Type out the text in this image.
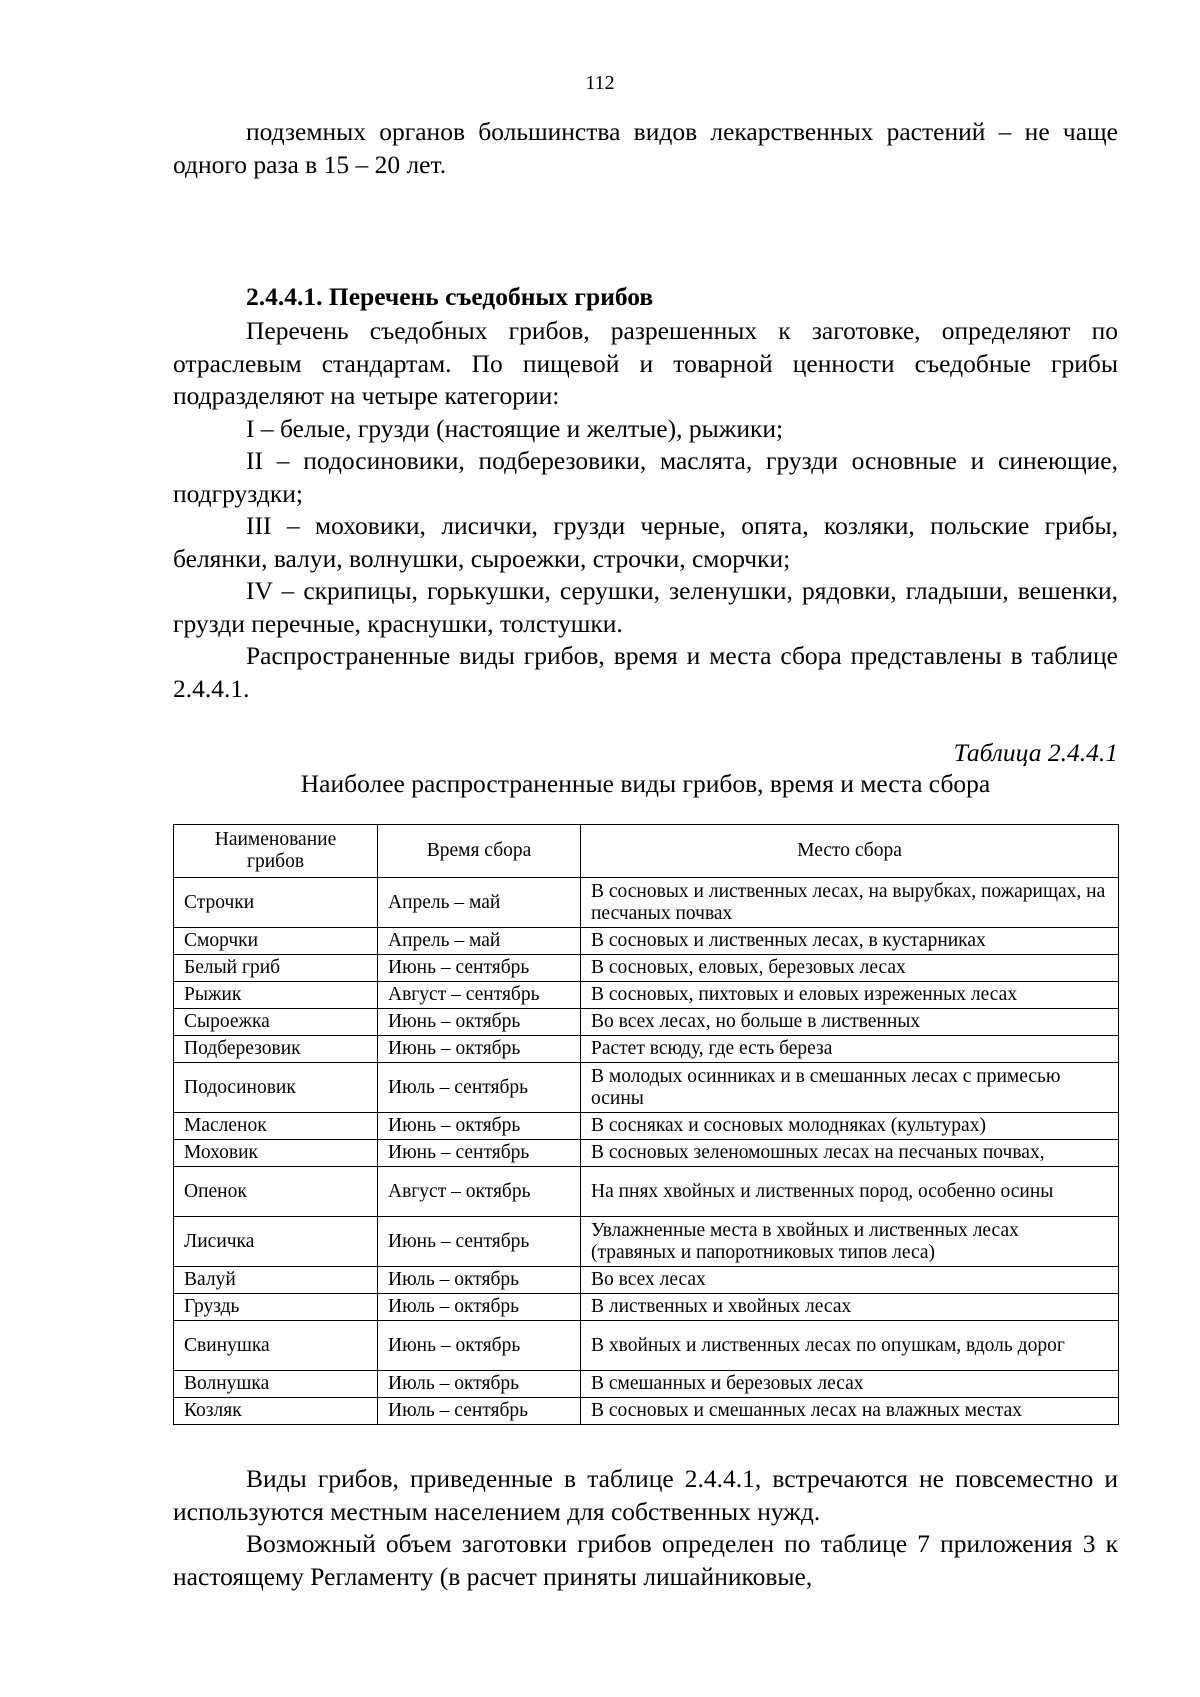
112

подземных органов большинства видов лекарственных растений – не чаще одного раза в 15 – 20 лет.

2.4.4.1. Перечень съедобных грибов

Перечень съедобных грибов, разрешенных к заготовке, определяют по отраслевым стандартам. По пищевой и товарной ценности съедобные грибы подразделяют на четыре категории:

I – белые, грузди (настоящие и желтые), рыжики;

II – подосиновики, подберезовики, маслята, грузди основные и синеющие, подгруздки;

III – моховики, лисички, грузди черные, опята, козляки, польские грибы, белянки, валуи, волнушки, сыроежки, строчки, сморчки;

IV – скрипицы, горькушки, серушки, зеленушки, рядовки, гладыши, вешенки, грузди перечные, краснушки, толстушки.

Распространенные виды грибов, время и места сбора представлены в таблице 2.4.4.1.

Таблица 2.4.4.1
Наиболее распространенные виды грибов, время и места сбора
Наименование грибов	Время сбора	Место сбора
Строчки	Апрель – май	В сосновых и лиственных лесах, на вырубках, пожарищах, на песчаных почвах
Сморчки	Апрель – май	В сосновых и лиственных лесах, в кустарниках
Белый гриб	Июнь – сентябрь	В сосновых, еловых, березовых лесах
Рыжик	Август – сентябрь	В сосновых, пихтовых и еловых изреженных лесах
Сыроежка	Июнь – октябрь	Во всех лесах, но больше в лиственных
Подберезовик	Июнь – октябрь	Растет всюду, где есть береза
Подосиновик	Июль – сентябрь	В молодых осинниках и в смешанных лесах с примесью осины
Масленок	Июнь – октябрь	В сосняках и сосновых молодняках (культурах)
Моховик	Июнь – сентябрь	В сосновых зеленомошных лесах на песчаных почвах,
Опенок	Август – октябрь	На пнях хвойных и лиственных пород, особенно осины
Лисичка	Июнь – сентябрь	Увлажненные места в хвойных и лиственных лесах (травяных и папоротниковых типов леса)
Валуй	Июль – октябрь	Во всех лесах
Груздь	Июль – октябрь	В лиственных и хвойных лесах
Свинушка	Июнь – октябрь	В хвойных и лиственных лесах по опушкам, вдоль дорог
Волнушка	Июль – октябрь	В смешанных и березовых лесах
Козляк	Июль – сентябрь	В сосновых и смешанных лесах на влажных местах

Виды грибов, приведенные в таблице 2.4.4.1, встречаются не повсеместно и используются местным населением для собственных нужд.

Возможный объем заготовки грибов определен по таблице 7 приложения 3 к настоящему Регламенту (в расчет приняты лишайниковые,
